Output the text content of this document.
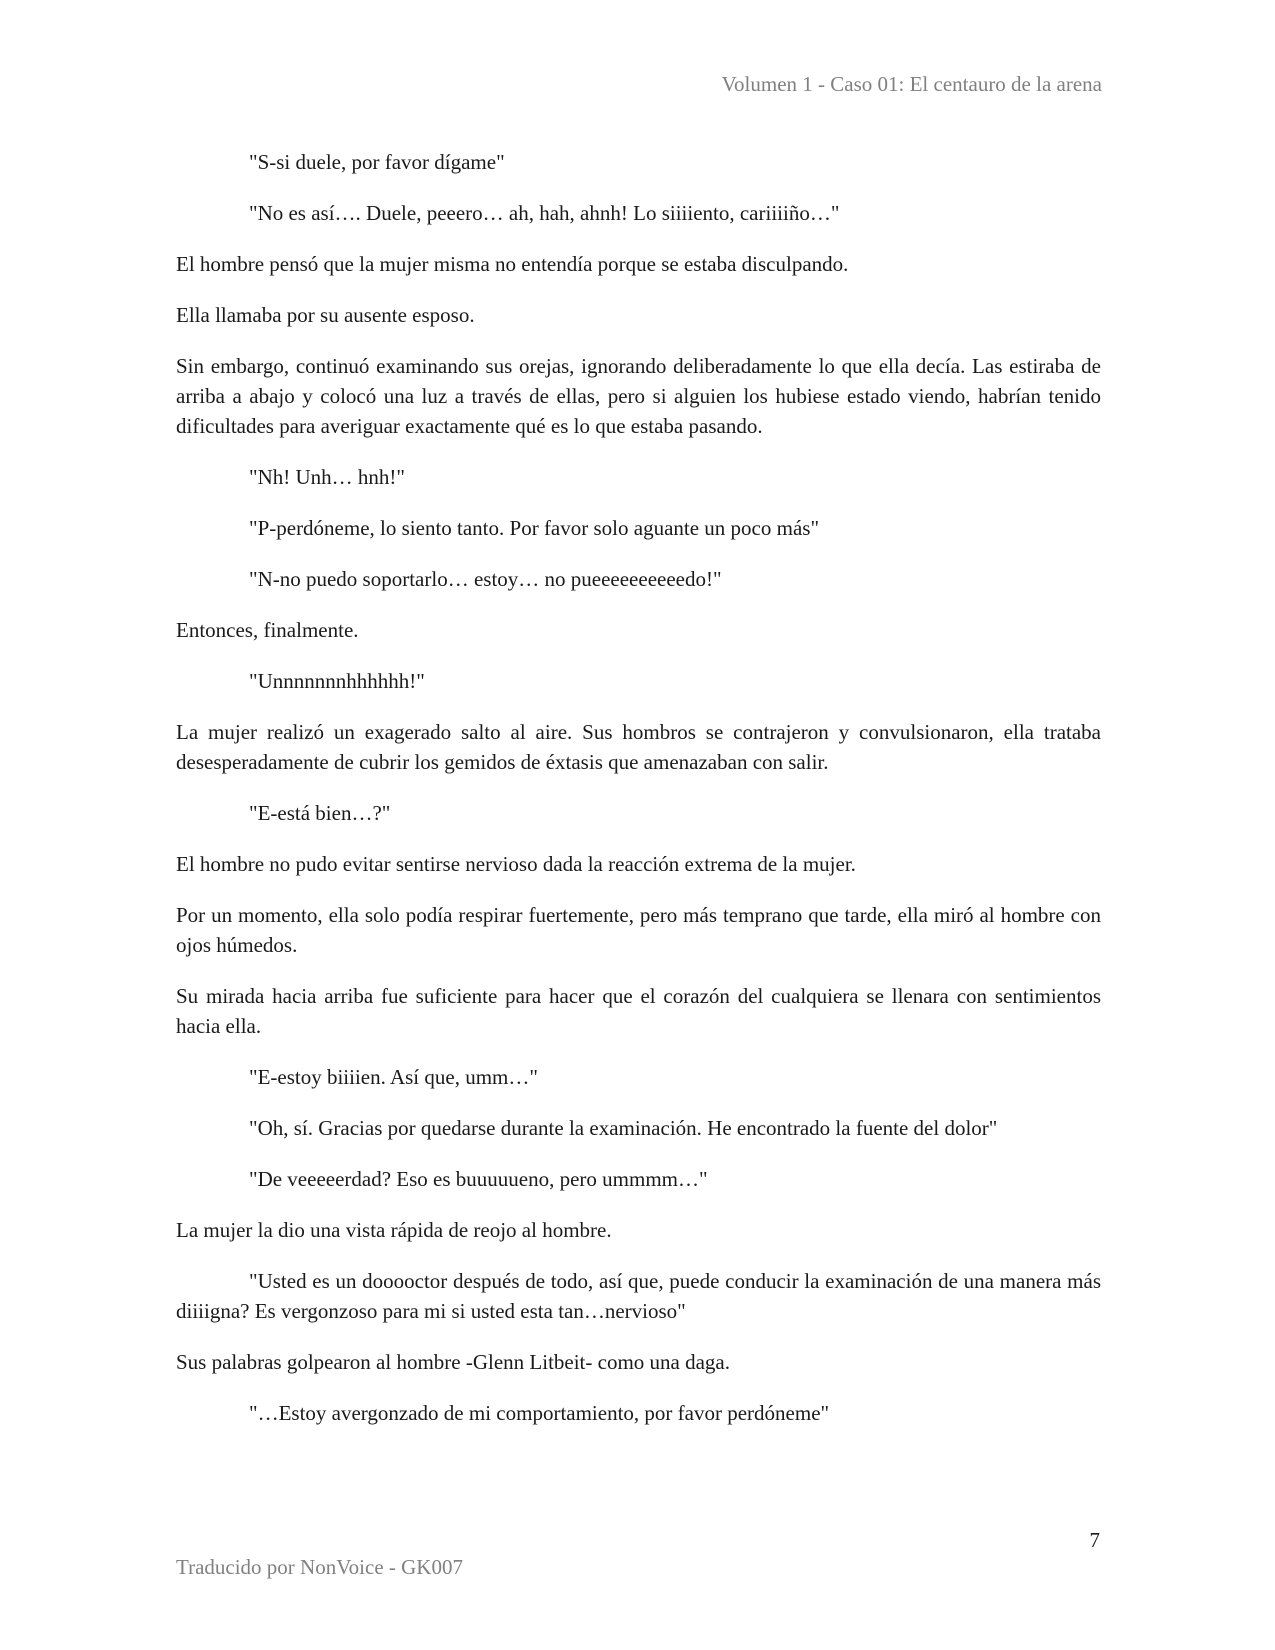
Volumen 1 - Caso 01: El centauro de la arena

"S-si duele, por favor dígame"

"No es así…. Duele, peeero… ah, hah, ahnh! Lo siiiiento, cariiiiño…"

El hombre pensó que la mujer misma no entendía porque se estaba disculpando.

Ella llamaba por su ausente esposo.

Sin embargo, continuó examinando sus orejas, ignorando deliberadamente lo que ella decía. Las estiraba de arriba a abajo y colocó una luz a través de ellas, pero si alguien los hubiese estado viendo, habrían tenido dificultades para averiguar exactamente qué es lo que estaba pasando.

"Nh! Unh… hnh!"

"P-perdóneme, lo siento tanto. Por favor solo aguante un poco más"

"N-no puedo soportarlo… estoy… no pueeeeeeeeeedo!"

Entonces, finalmente.

"Unnnnnnnhhhhhh!"

La mujer realizó un exagerado salto al aire. Sus hombros se contrajeron y convulsionaron, ella trataba desesperadamente de cubrir los gemidos de éxtasis que amenazaban con salir.

"E-está bien…?"

El hombre no pudo evitar sentirse nervioso dada la reacción extrema de la mujer.

Por un momento, ella solo podía respirar fuertemente, pero más temprano que tarde, ella miró al hombre con ojos húmedos.

Su mirada hacia arriba fue suficiente para hacer que el corazón del cualquiera se llenara con sentimientos hacia ella.

"E-estoy biiiien. Así que, umm…"

"Oh, sí. Gracias por quedarse durante la examinación. He encontrado la fuente del dolor"

"De veeeeerdad? Eso es buuuuueno, pero ummmm…"

La mujer la dio una vista rápida de reojo al hombre.

"Usted es un dooooctor después de todo, así que, puede conducir la examinación de una manera más diiiigna? Es vergonzoso para mi si usted esta tan…nervioso"

Sus palabras golpearon al hombre -Glenn Litbeit- como una daga.

"…Estoy avergonzado de mi comportamiento, por favor perdóneme"

7
Traducido por NonVoice - GK007
